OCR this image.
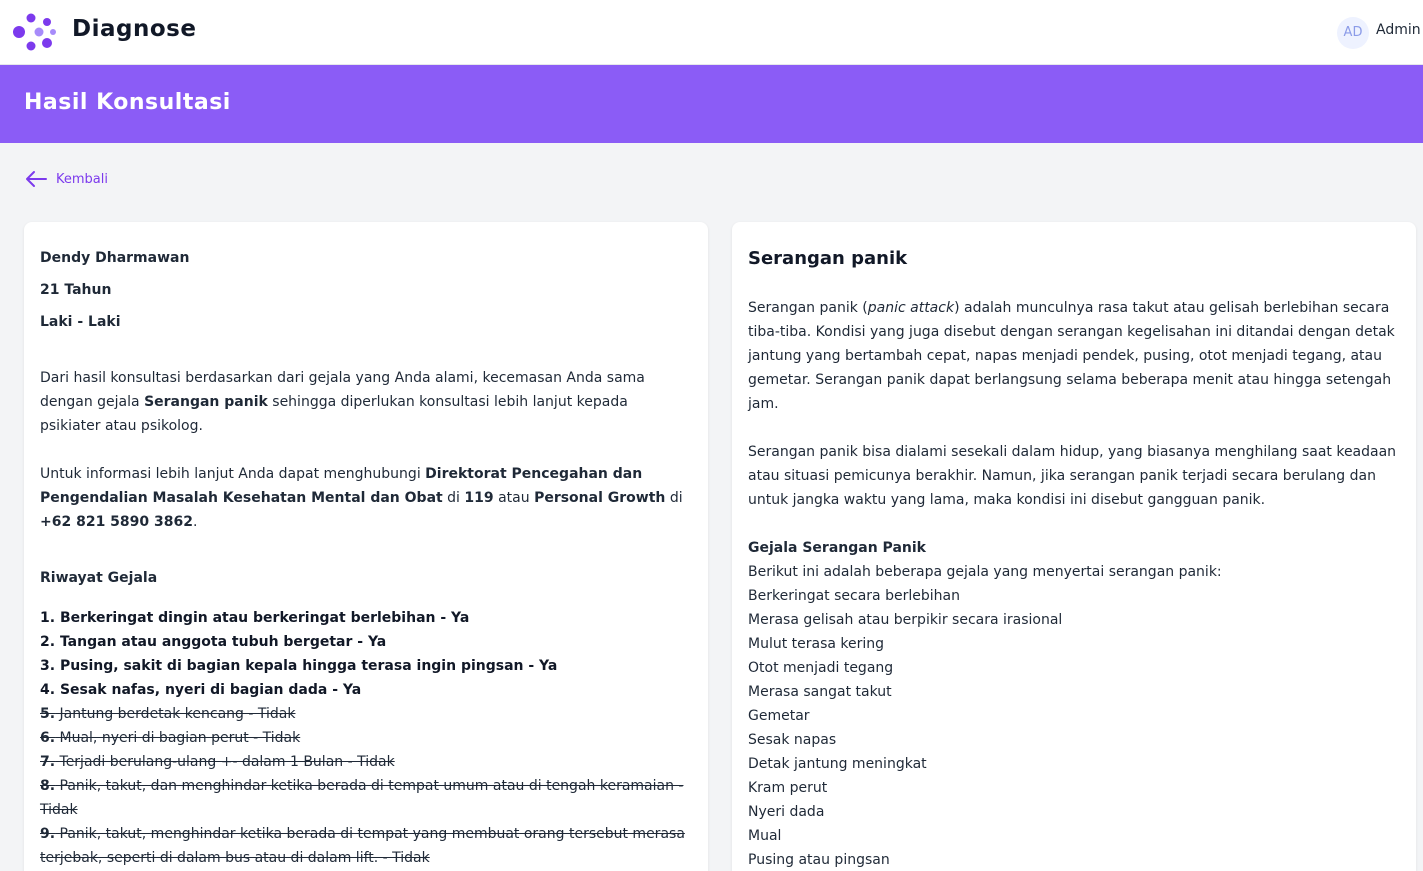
Diagnose	AD Admin
Hasil Konsultasi
Kembali
Dendy Dharmawan
21 Tahun
Laki - Laki

Dari hasil konsultasi berdasarkan dari gejala yang Anda alami, kecemasan Anda sama dengan gejala Serangan panik sehingga diperlukan konsultasi lebih lanjut kepada psikiater atau psikolog.

Untuk informasi lebih lanjut Anda dapat menghubungi Direktorat Pencegahan dan Pengendalian Masalah Kesehatan Mental dan Obat di 119 atau Personal Growth di +62 821 5890 3862.

Riwayat Gejala
1. Berkeringat dingin atau berkeringat berlebihan - Ya
2. Tangan atau anggota tubuh bergetar - Ya
3. Pusing, sakit di bagian kepala hingga terasa ingin pingsan - Ya
4. Sesak nafas, nyeri di bagian dada - Ya
5. Jantung berdetak kencang - Tidak
6. Mual, nyeri di bagian perut - Tidak
7. Terjadi berulang-ulang +- dalam 1 Bulan - Tidak
8. Panik, takut, dan menghindar ketika berada di tempat umum atau di tengah keramaian - Tidak
9. Panik, takut, menghindar ketika berada di tempat yang membuat orang tersebut merasa terjebak, seperti di dalam bus atau di dalam lift. - Tidak
Serangan panik

Serangan panik (panic attack) adalah munculnya rasa takut atau gelisah berlebihan secara tiba-tiba. Kondisi yang juga disebut dengan serangan kegelisahan ini ditandai dengan detak jantung yang bertambah cepat, napas menjadi pendek, pusing, otot menjadi tegang, atau gemetar. Serangan panik dapat berlangsung selama beberapa menit atau hingga setengah jam.

Serangan panik bisa dialami sesekali dalam hidup, yang biasanya menghilang saat keadaan atau situasi pemicunya berakhir. Namun, jika serangan panik terjadi secara berulang dan untuk jangka waktu yang lama, maka kondisi ini disebut gangguan panik.

Gejala Serangan Panik
Berikut ini adalah beberapa gejala yang menyertai serangan panik:
Berkeringat secara berlebihan
Merasa gelisah atau berpikir secara irasional
Mulut terasa kering
Otot menjadi tegang
Merasa sangat takut
Gemetar
Sesak napas
Detak jantung meningkat
Kram perut
Nyeri dada
Mual
Pusing atau pingsan
